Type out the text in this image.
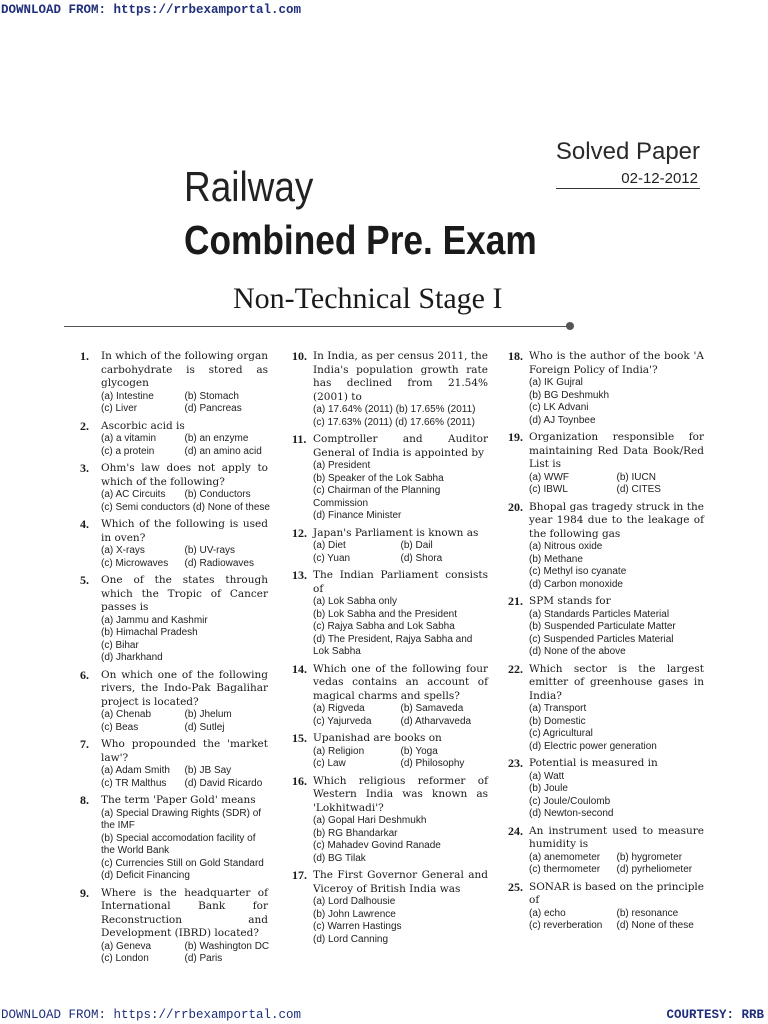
DOWNLOAD FROM: https://rrbexamportal.com
Solved Paper
02-12-2012
Railway
Combined Pre. Exam
Non-Technical Stage I
1. In which of the following organ carbohydrate is stored as glycogen
(a) Intestine	(b) Stomach
(c) Liver	(d) Pancreas
2. Ascorbic acid is
(a) a vitamin	(b) an enzyme
(c) a protein	(d) an amino acid
3. Ohm's law does not apply to which of the following?
(a) AC Circuits	(b) Conductors
(c) Semi conductors (d) None of these
4. Which of the following is used in oven?
(a) X-rays	(b) UV-rays
(c) Microwaves	(d) Radiowaves
5. One of the states through which the Tropic of Cancer passes is
(a) Jammu and Kashmir
(b) Himachal Pradesh
(c) Bihar
(d) Jharkhand
6. On which one of the following rivers, the Indo-Pak Bagalihar project is located?
(a) Chenab	(b) Jhelum
(c) Beas	(d) Sutlej
7. Who propounded the 'market law'?
(a) Adam Smith	(b) JB Say
(c) TR Malthus	(d) David Ricardo
8. The term 'Paper Gold' means
(a) Special Drawing Rights (SDR) of the IMF
(b) Special accomodation facility of the World Bank
(c) Currencies Still on Gold Standard
(d) Deficit Financing
9. Where is the headquarter of International Bank for Reconstruction and Development (IBRD) located?
(a) Geneva	(b) Washington DC
(c) London	(d) Paris
10. In India, as per census 2011, the India's population growth rate has declined from 21.54% (2001) to
(a) 17.64% (2011) (b) 17.65% (2011)
(c) 17.63% (2011) (d) 17.66% (2011)
11. Comptroller and Auditor General of India is appointed by
(a) President
(b) Speaker of the Lok Sabha
(c) Chairman of the Planning Commission
(d) Finance Minister
12. Japan's Parliament is known as
(a) Diet	(b) Dail
(c) Yuan	(d) Shora
13. The Indian Parliament consists of
(a) Lok Sabha only
(b) Lok Sabha and the President
(c) Rajya Sabha and Lok Sabha
(d) The President, Rajya Sabha and Lok Sabha
14. Which one of the following four vedas contains an account of magical charms and spells?
(a) Rigveda	(b) Samaveda
(c) Yajurveda	(d) Atharvaveda
15. Upanishad are books on
(a) Religion	(b) Yoga
(c) Law	(d) Philosophy
16. Which religious reformer of Western India was known as 'Lokhitwadi'?
(a) Gopal Hari Deshmukh
(b) RG Bhandarkar
(c) Mahadev Govind Ranade
(d) BG Tilak
17. The First Governor General and Viceroy of British India was
(a) Lord Dalhousie
(b) John Lawrence
(c) Warren Hastings
(d) Lord Canning
18. Who is the author of the book 'A Foreign Policy of India'?
(a) IK Gujral
(b) BG Deshmukh
(c) LK Advani
(d) AJ Toynbee
19. Organization responsible for maintaining Red Data Book/Red List is
(a) WWF	(b) IUCN
(c) IBWL	(d) CITES
20. Bhopal gas tragedy struck in the year 1984 due to the leakage of the following gas
(a) Nitrous oxide
(b) Methane
(c) Methyl iso cyanate
(d) Carbon monoxide
21. SPM stands for
(a) Standards Particles Material
(b) Suspended Particulate Matter
(c) Suspended Particles Material
(d) None of the above
22. Which sector is the largest emitter of greenhouse gases in India?
(a) Transport
(b) Domestic
(c) Agricultural
(d) Electric power generation
23. Potential is measured in
(a) Watt
(b) Joule
(c) Joule/Coulomb
(d) Newton-second
24. An instrument used to measure humidity is
(a) anemometer	(b) hygrometer
(c) thermometer	(d) pyrheliometer
25. SONAR is based on the principle of
(a) echo	(b) resonance
(c) reverberation	(d) None of these
DOWNLOAD FROM: https://rrbexamportal.com	COURTESY: RRB
